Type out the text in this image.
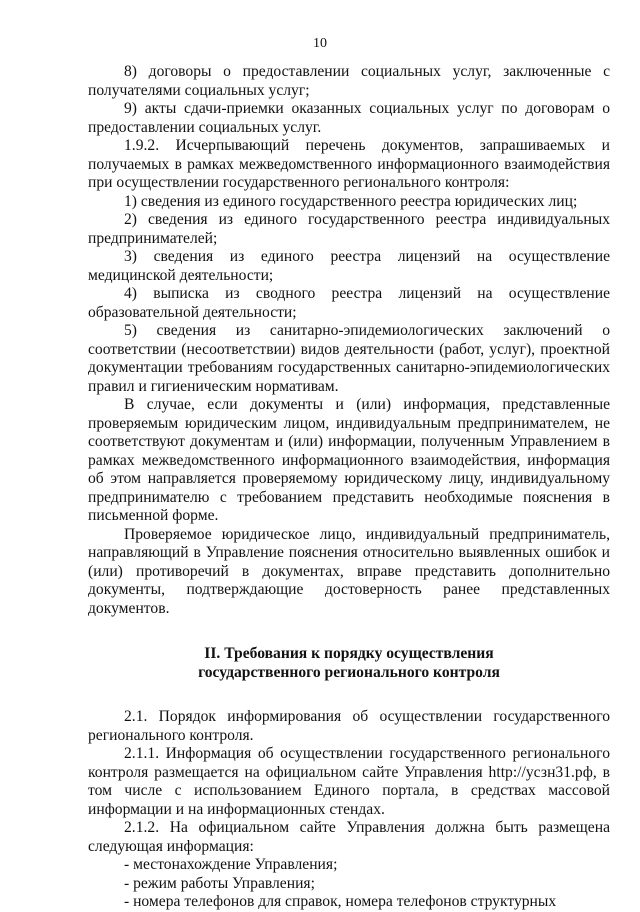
10

8) договоры о предоставлении социальных услуг, заключенные с получателями социальных услуг;

9) акты сдачи-приемки оказанных социальных услуг по договорам о предоставлении социальных услуг.

1.9.2. Исчерпывающий перечень документов, запрашиваемых и получаемых в рамках межведомственного информационного взаимодействия при осуществлении государственного регионального контроля:

1) сведения из единого государственного реестра юридических лиц;

2) сведения из единого государственного реестра индивидуальных предпринимателей;

3) сведения из единого реестра лицензий на осуществление медицинской деятельности;

4) выписка из сводного реестра лицензий на осуществление образовательной деятельности;

5) сведения из санитарно-эпидемиологических заключений о соответствии (несоответствии) видов деятельности (работ, услуг), проектной документации требованиям государственных санитарно-эпидемиологических правил и гигиеническим нормативам.

В случае, если документы и (или) информация, представленные проверяемым юридическим лицом, индивидуальным предпринимателем, не соответствуют документам и (или) информации, полученным Управлением в рамках межведомственного информационного взаимодействия, информация об этом направляется проверяемому юридическому лицу, индивидуальному предпринимателю с требованием представить необходимые пояснения в письменной форме.

Проверяемое юридическое лицо, индивидуальный предприниматель, направляющий в Управление пояснения относительно выявленных ошибок и (или) противоречий в документах, вправе представить дополнительно документы, подтверждающие достоверность ранее представленных документов.

II. Требования к порядку осуществления

государственного регионального контроля

2.1. Порядок информирования об осуществлении государственного регионального контроля.

2.1.1. Информация об осуществлении государственного регионального контроля размещается на официальном сайте Управления http://усзн31.рф, в том числе с использованием Единого портала, в средствах массовой информации и на информационных стендах.

2.1.2. На официальном сайте Управления должна быть размещена следующая информация:

- местонахождение Управления;

- режим работы Управления;

- номера телефонов для справок, номера телефонов структурных
